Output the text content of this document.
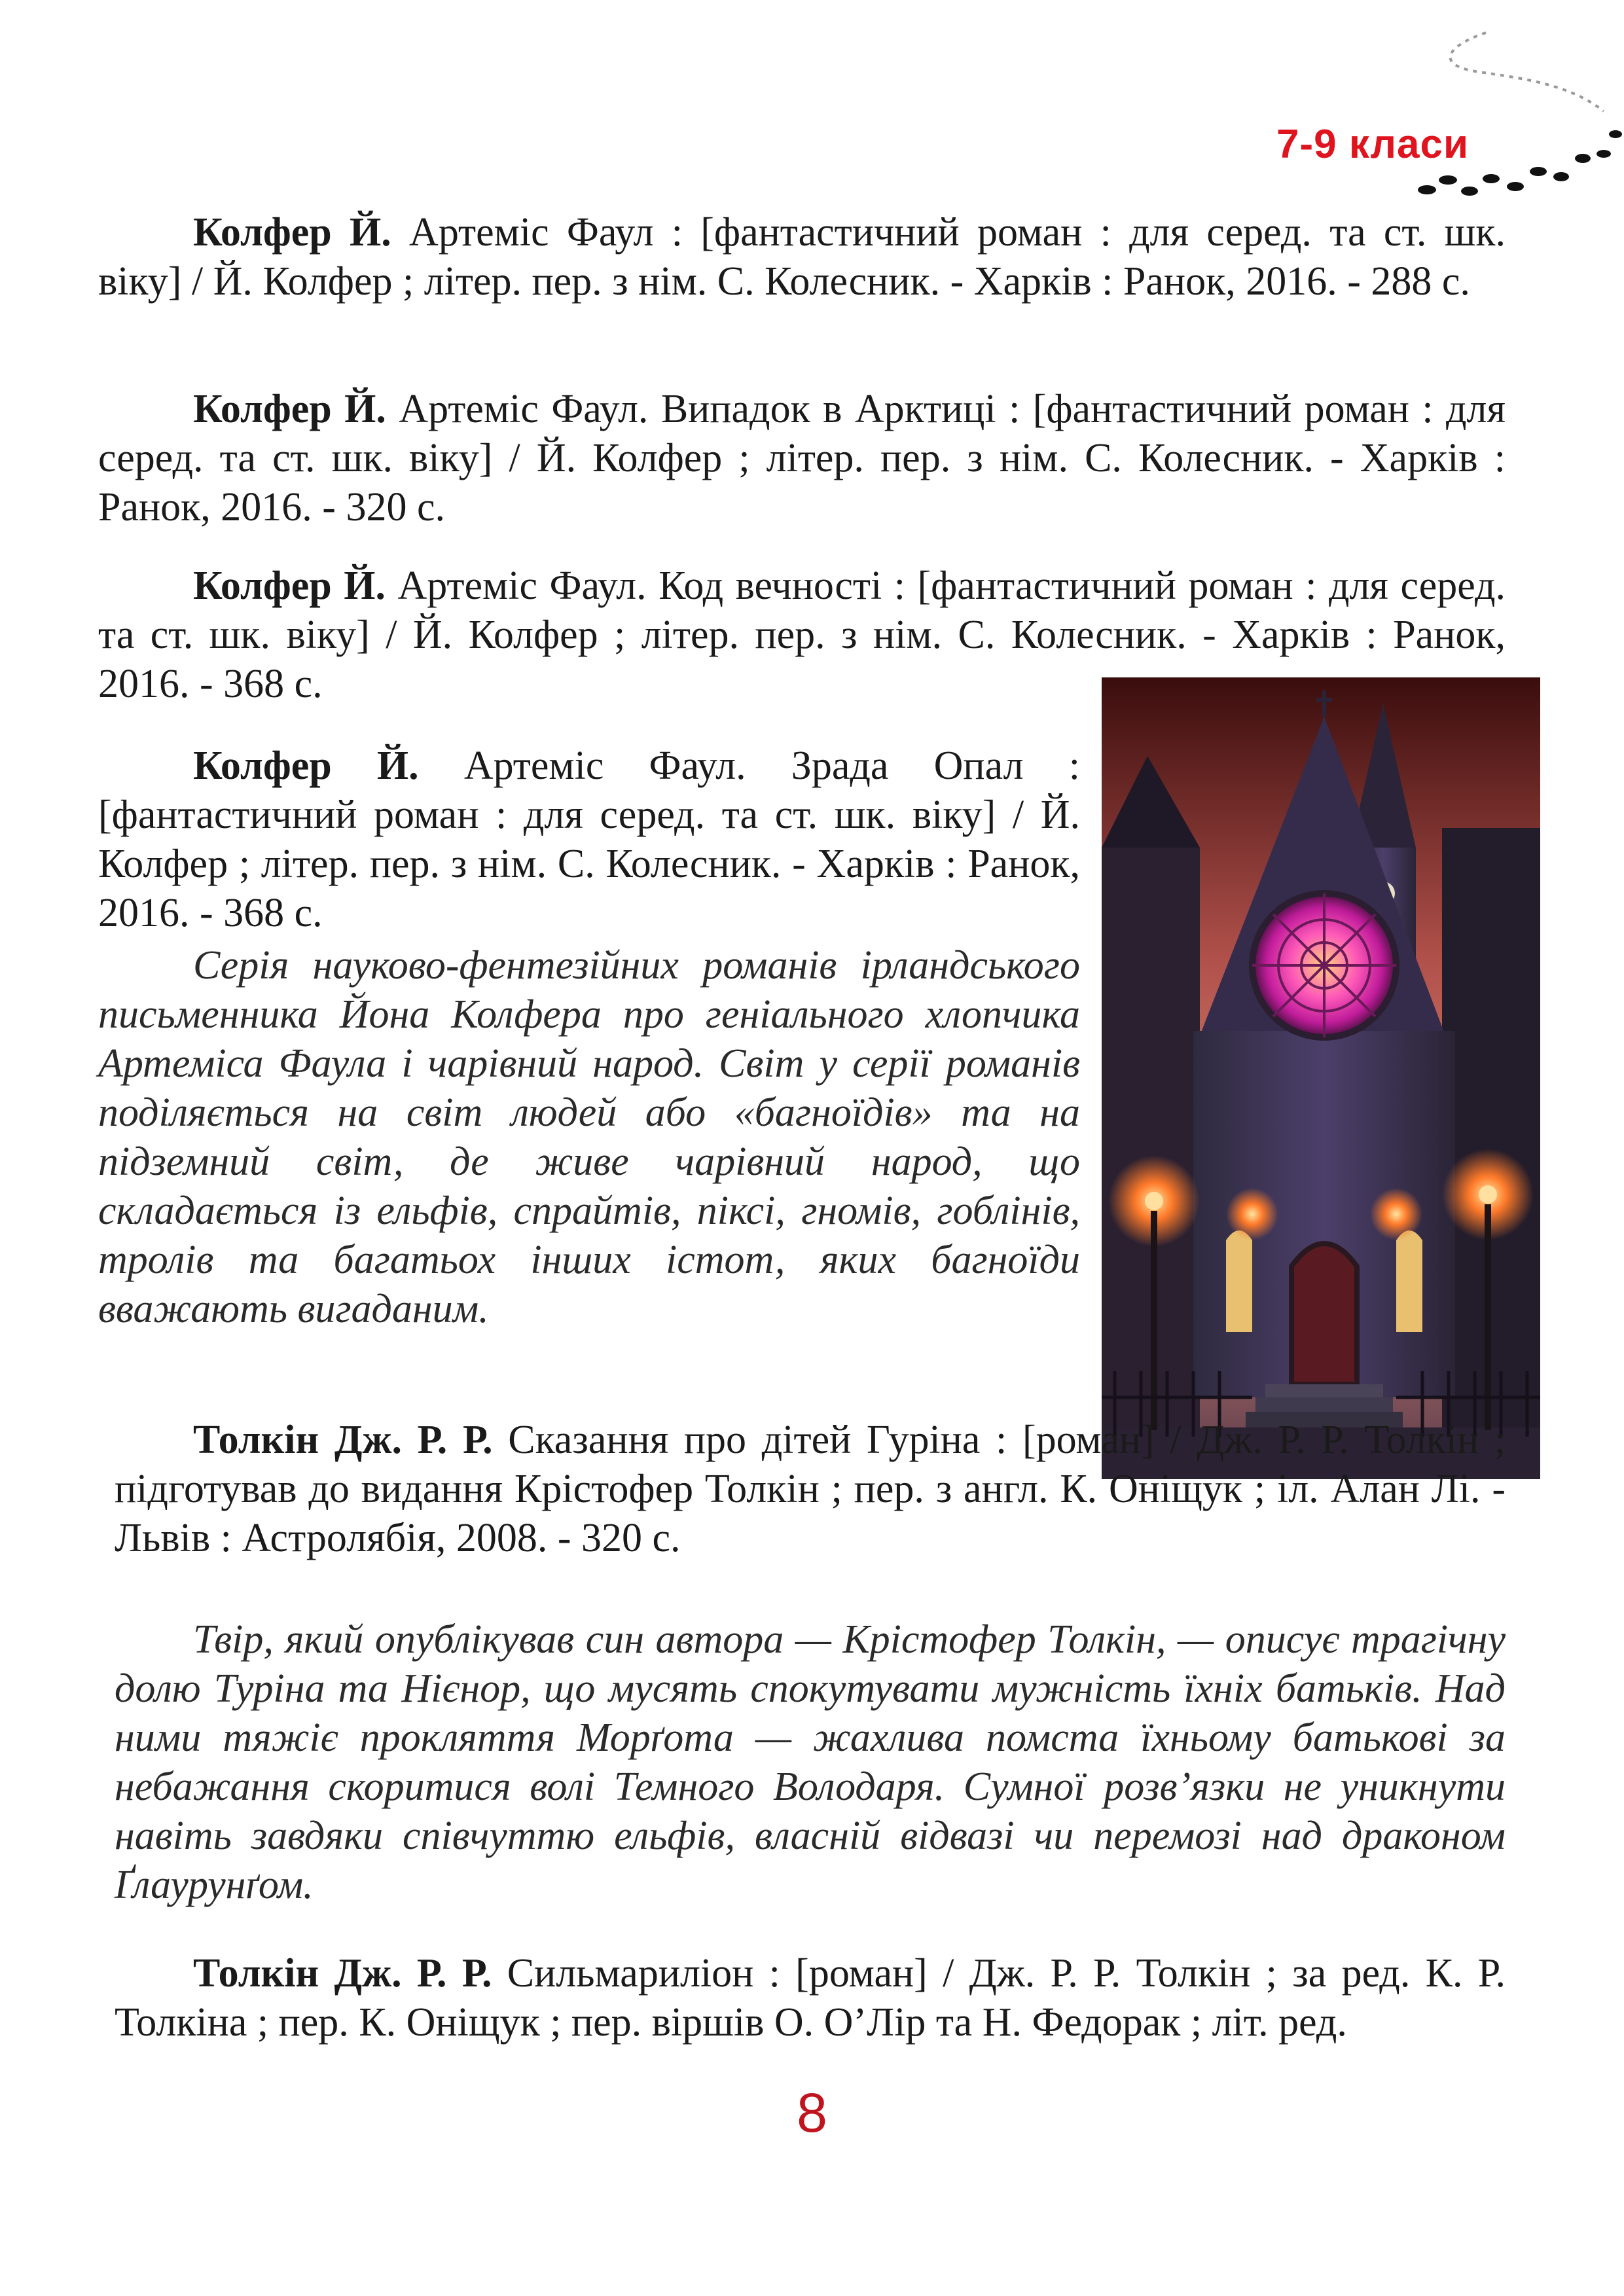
7-9 класи

Колфер Й. Артеміс Фаул : [фантастичний роман : для серед. та ст. шк. віку] / Й. Колфер ; літер. пер. з нім. С. Колесник. - Харків : Ранок, 2016. - 288 с.

Колфер Й. Артеміс Фаул. Випадок в Арктиці : [фантастичний роман : для серед. та ст. шк. віку] / Й. Колфер ; літер. пер. з нім. С. Колесник. - Харків : Ранок, 2016. - 320 с.

Колфер Й. Артеміс Фаул. Код вечності : [фантастичний роман : для серед. та ст. шк. віку] / Й. Колфер ; літер. пер. з нім. С. Колесник. - Харків : Ранок, 2016. - 368 с.

Колфер Й. Артеміс Фаул. Зрада Опал : [фантастичний роман : для серед. та ст. шк. віку] / Й. Колфер ; літер. пер. з нім. С. Колесник. - Харків : Ранок, 2016. - 368 с.

Серія науково-фентезійних романів ірландського письменника Йона Колфера про геніального хлопчика Артеміса Фаула і чарівний народ. Світ у серії романів поділяється на світ людей або «багноїдів» та на підземний світ, де живе чарівний народ, що складається із ельфів, спрайтів, піксі, гномів, гоблінів, тролів та багатьох інших істот, яких багноїди вважають вигаданим.

Толкін Дж. Р. Р. Сказання про дітей Гуріна : [роман] / Дж. Р. Р. Толкін ; підготував до видання Крістофер Толкін ; пер. з англ. К. Оніщук ; іл. Алан Лі. - Львів : Астролябія, 2008. - 320 с.

Твір, який опублікував син автора — Крістофер Толкін, — описує трагічну долю Туріна та Нієнор, що мусять спокутувати мужність їхніх батьків. Над ними тяжіє прокляття Морґота — жахлива помста їхньому батькові за небажання скоритися волі Темного Володаря. Сумної розв’язки не уникнути навіть завдяки співчуттю ельфів, власній відвазі чи перемозі над драконом Ґлаурунґом.

Толкін Дж. Р. Р. Сильмариліон : [роман] / Дж. Р. Р. Толкін ; за ред. К. Р. Толкіна ; пер. К. Оніщук ; пер. віршів О. О’Лір та Н. Федорак ; літ. ред.

8
